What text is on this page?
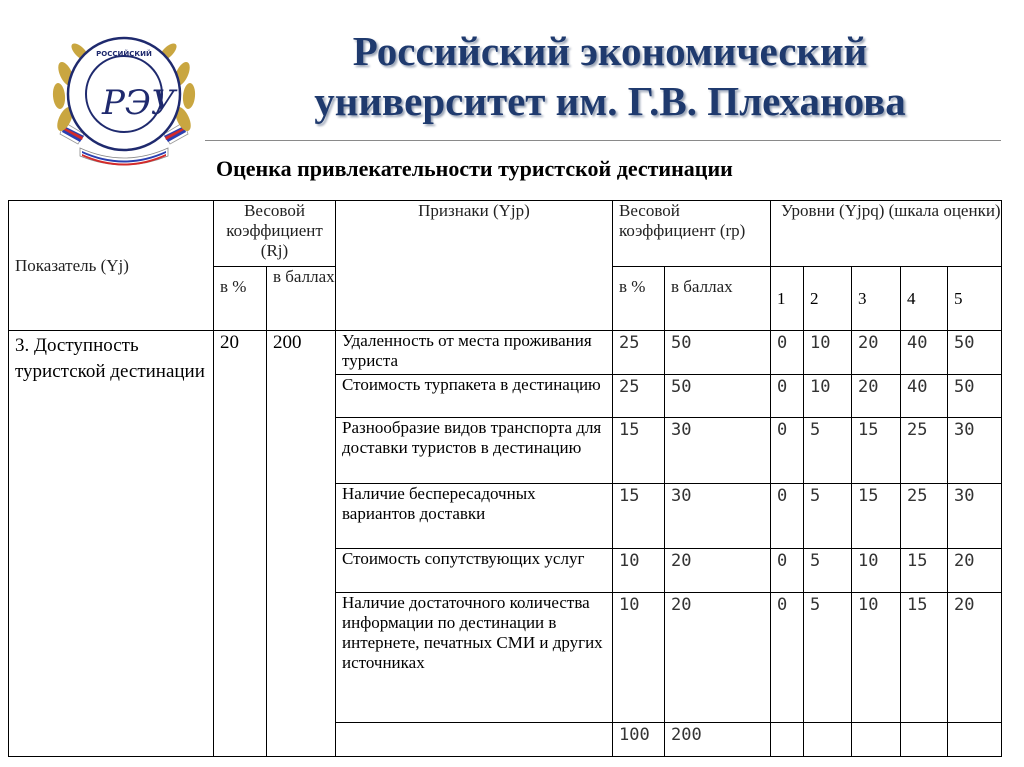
РОССИЙСКИЙ
РЭУ
Российский экономический
университет им. Г.В. Плеханова
Оценка привлекательности туристской дестинации
Показатель (Yj)	Весовой коэффициент (Rj)		Признаки (Yjp)	Весовой коэффициент (rp)		Уровни (Yjpq) (шкала оценки)				
	в %	в баллах		в %	в баллах	1	2	3	4	5
3. Доступность туристской дестинации	20	200	Удаленность от места проживания туриста	25	50	0	10	20	40	50
			Стоимость турпакета в дестинацию	25	50	0	10	20	40	50
			Разнообразие видов транспорта для доставки туристов в дестинацию	15	30	0	5	15	25	30
			Наличие беспересадочных вариантов доставки	15	30	0	5	15	25	30
			Стоимость сопутствующих услуг	10	20	0	5	10	15	20
			Наличие достаточного количества информации по дестинации в интернете, печатных СМИ и других источниках	10	20	0	5	10	15	20
				100	200					
